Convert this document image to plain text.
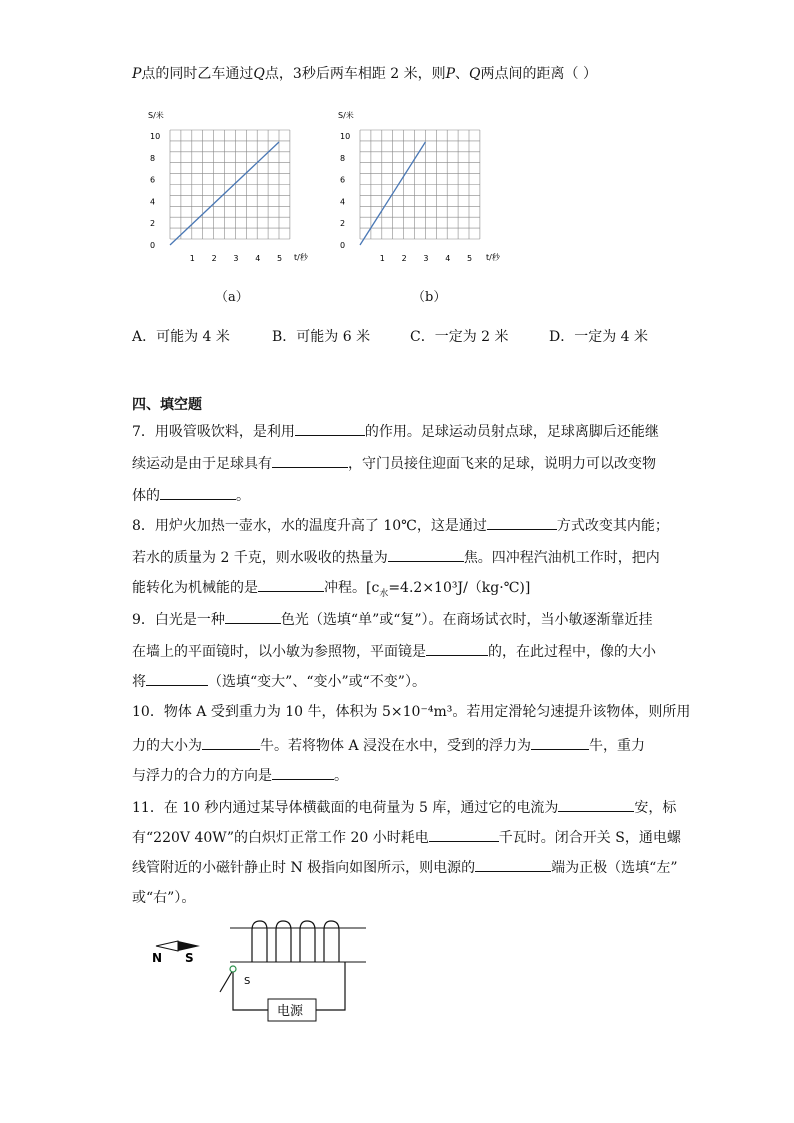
P点的同时乙车通过Q点，3秒后两车相距 2 米，则P、Q两点间的距离（ ）
S/米
10
8
6
4
2
0
1 2 3 4 5 t/秒
（a）
S/米
10
8
6
4
2
0
1 2 3 4 5 t/秒
（b）
A．可能为 4 米	B．可能为 6 米	C．一定为 2 米	D．一定为 4 米
四、填空题
7．用吸管吸饮料，是利用	的作用。足球运动员射点球，足球离脚后还能继
续运动是由于足球具有	，守门员接住迎面飞来的足球，说明力可以改变物
体的	。
8．用炉火加热一壶水，水的温度升高了 10℃，这是通过	方式改变其内能；
若水的质量为 2 千克，则水吸收的热量为	焦。四冲程汽油机工作时，把内
能转化为机械能的是	冲程。$[c_水=4.2\times 10^3J/(kg\cdot℃)]$
9．白光是一种	色光（选填“单”或“复”）。在商场试衣时，当小敏逐渐靠近挂
在墙上的平面镜时，以小敏为参照物，平面镜是	的，在此过程中，像的大小
将	（选填“变大”、“变小”或“不变”）。
10．物体 A 受到重力为 10 牛，体积为 5×10⁻⁴m³。若用定滑轮匀速提升该物体，则所用
力的大小为	牛。若将物体 A 浸没在水中，受到的浮力为	牛，重力
与浮力的合力的方向是	。
11．在 10 秒内通过某导体横截面的电荷量为 5 库，通过它的电流为	安，标
有“220V 40W”的白炽灯正常工作 20 小时耗电	千瓦时。闭合开关 S，通电螺
线管附近的小磁针静止时 N 极指向如图所示，则电源的	端为正极（选填“左”
或“右”）。
N S
S
电源
